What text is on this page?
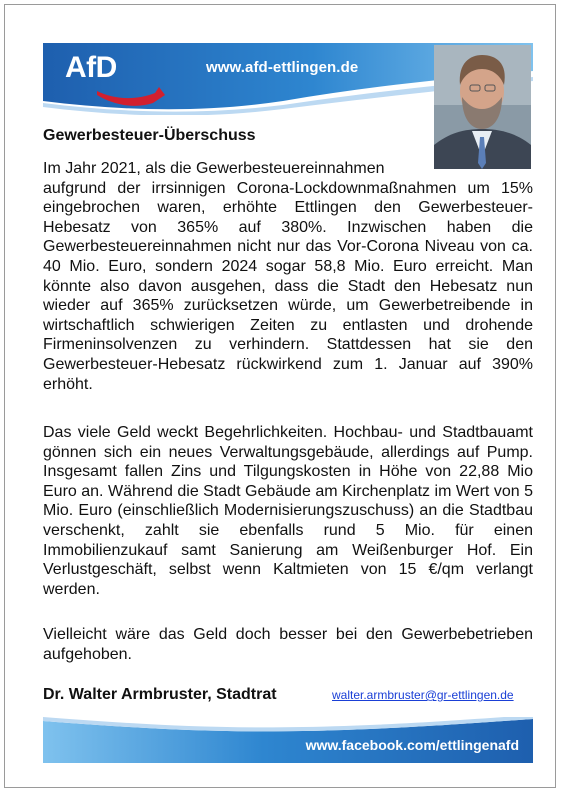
AfD	www.afd-ettlingen.de
Gewerbesteuer-Überschuss

Im Jahr 2021, als die Gewerbesteuereinnahmen
aufgrund der irrsinnigen Corona-Lockdownmaßnahmen um 15% eingebrochen waren, erhöhte Ettlingen den Gewerbesteuer-Hebesatz von 365% auf 380%. Inzwischen haben die Gewerbesteuereinnahmen nicht nur das Vor-Corona Niveau von ca. 40 Mio. Euro, sondern 2024 sogar 58,8 Mio. Euro erreicht. Man könnte also davon ausgehen, dass die Stadt den Hebesatz nun wieder auf 365% zurücksetzen würde, um Gewerbetreibende in wirtschaftlich schwierigen Zeiten zu entlasten und drohende Firmeninsolvenzen zu verhindern. Stattdessen hat sie den Gewerbesteuer-Hebesatz rückwirkend zum 1. Januar auf 390% erhöht.

Das viele Geld weckt Begehrlichkeiten. Hochbau- und Stadtbauamt gönnen sich ein neues Verwaltungsgebäude, allerdings auf Pump. Insgesamt fallen Zins und Tilgungskosten in Höhe von 22,88 Mio Euro an. Während die Stadt Gebäude am Kirchenplatz im Wert von 5 Mio. Euro (einschließlich Modernisierungszuschuss) an die Stadtbau verschenkt, zahlt sie ebenfalls rund 5 Mio. für einen Immobilienzukauf samt Sanierung am Weißenburger Hof. Ein Verlustgeschäft, selbst wenn Kaltmieten von 15 €/qm verlangt werden.

Vielleicht wäre das Geld doch besser bei den Gewerbebetrieben aufgehoben.

Dr. Walter Armbruster, Stadtrat	walter.armbruster@gr-ettlingen.de
www.facebook.com/ettlingenafd
